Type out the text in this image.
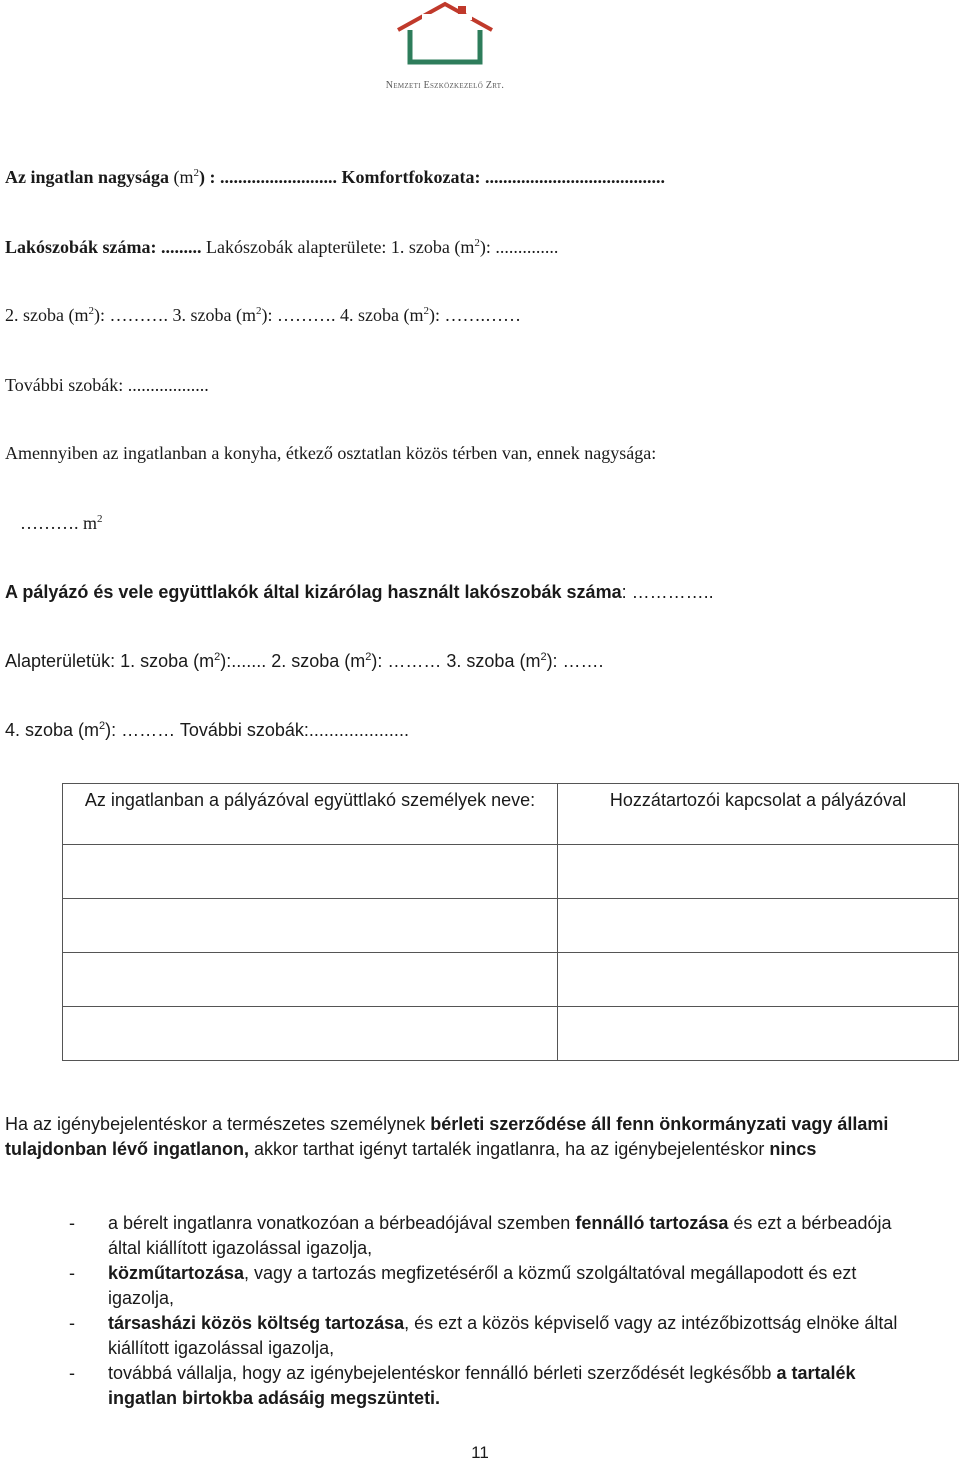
Nemzeti Eszközkezelő Zrt.
Az ingatlan nagysága $(m^2)$ : .......................... Komfortfokozata: ........................................
Lakószobák száma: ......... Lakószobák alapterülete: 1. szoba $(m^2)$: ..............
2. szoba $(m^2)$: ………. 3. szoba $(m^2)$: ………. 4. szoba $(m^2)$: …….……
További szobák: ..................
Amennyiben az ingatlanban a konyha, étkező osztatlan közös térben van, ennek nagysága:
………. $m^2$
A pályázó és vele együttlakók által kizárólag használt lakószobák száma: …………..
Alapterületük: 1. szoba $(m^2)$:....... 2. szoba $(m^2)$: ……… 3. szoba $(m^2)$: …….
4. szoba $(m^2)$: ……… További szobák:....................
Az ingatlanban a pályázóval együttlakó személyek neve:	Hozzátartozói kapcsolat a pályázóval

Ha az igénybejelentéskor a természetes személynek bérleti szerződése áll fenn önkormányzati vagy állami tulajdonban lévő ingatlanon, akkor tarthat igényt tartalék ingatlanra, ha az igénybejelentéskor nincs
- a bérelt ingatlanra vonatkozóan a bérbeadójával szemben fennálló tartozása és ezt a bérbeadója által kiállított igazolással igazolja,
- közműtartozása, vagy a tartozás megfizetéséről a közmű szolgáltatóval megállapodott és ezt igazolja,
- társasházi közös költség tartozása, és ezt a közös képviselő vagy az intézőbizottság elnöke által kiállított igazolással igazolja,
- továbbá vállalja, hogy az igénybejelentéskor fennálló bérleti szerződését legkésőbb a tartalék ingatlan birtokba adásáig megszünteti.
11
